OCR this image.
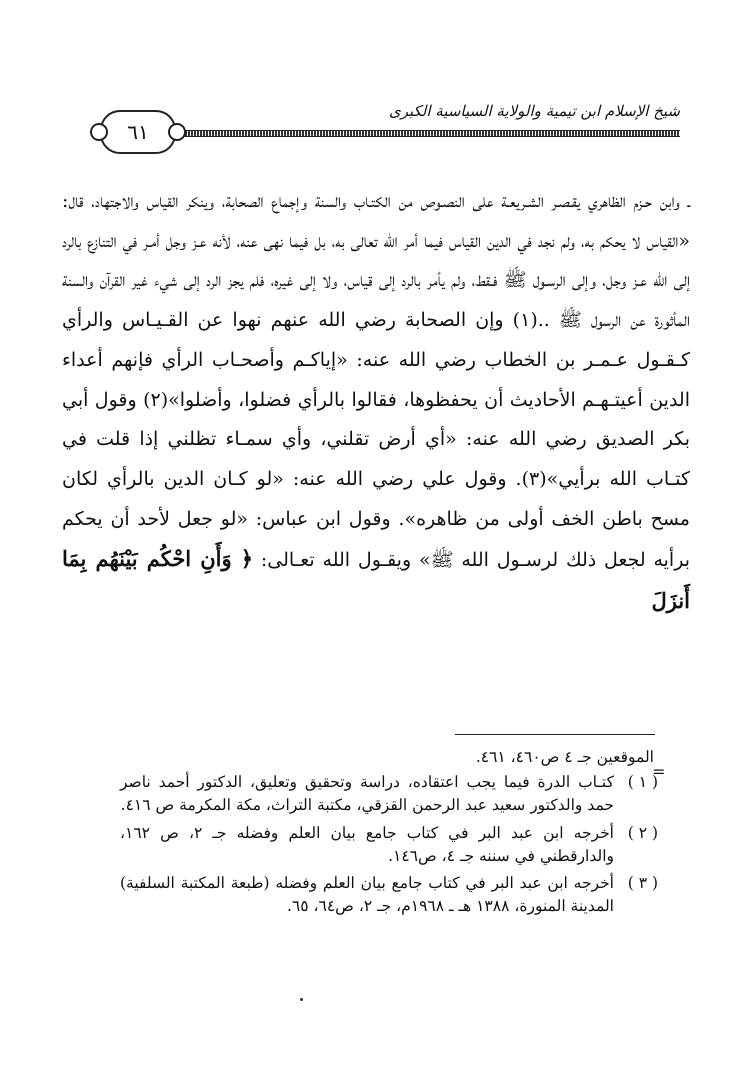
شيخ الإسلام ابن تيمية والولاية السياسية الكبرى
٦١

ـ وابن حـزم الظاهري يقـصـر الشـريعـة على النصـوص من الكتـاب والسنة وإجماع الصحابة، وينكر القياس والاجتهاد، قال: «القياس لا يحكم به، ولم نجد في الدين القياس فيما أمر الله تعالى به، بل فيما نهى عنه، لأنه عـز وجل أمـر في التنازع بالرد إلى الله عـز وجل، وإلى الرسـول ﷺ فـقط، ولم يأمر بالرد إلى قياس، ولا إلى غيره، فلم يجز الرد إلى شيء غير القرآن والسنة المأثورة عن الرسول ﷺ ..(١) وإن الصحابة رضي الله عنهم نهوا عن القـيـاس والرأي كـقـول عـمـر بن الخطاب رضي الله عنه: «إياكـم وأصحـاب الرأي فإنهم أعداء الدين أعيتـهـم الأحاديث أن يحفظوها، فقالوا بالرأي فضلوا، وأضلوا»(٢) وقول أبي بكر الصديق رضي الله عنه: «أي أرض تقلني، وأي سمـاء تظلني إذا قلت في كتـاب الله برأيي»(٣). وقول علي رضي الله عنه: «لو كـان الدين بالرأي لكان مسح باطن الخف أولى من ظاهره». وقول ابن عباس: «لو جعل لأحد أن يحكم برأيه لجعل ذلك لرسـول الله ﷺ» ويقـول الله تعـالى: ﴿ وَأَنِ احْكُم بَيْنَهُم بِمَا أَنزَلَ

=

الموقعين جـ ٤ ص٤٦٠، ٤٦١.

( ١ )
كتـاب الدرة فيما يجب اعتقاده، دراسة وتحقيق وتعليق، الدكتور أحمد ناصر حمد والدكتور سعيد عبد الرحمن القزقي، مكتبة التراث، مكة المكرمة ص ٤١٦.
( ٢ )
أخرجه ابن عبد البر في كتاب جامع بيان العلم وفضله جـ ٢، ص ١٦٢، والدارقطني في سننه جـ ٤، ص١٤٦.
( ٣ )
أخرجه ابن عبد البر في كتاب جامع بيان العلم وفضله (طبعة المكتبة السلفية) المدينة المنورة، ١٣٨٨ هـ ـ ١٩٦٨م، جـ ٢، ص٦٤، ٦٥.
